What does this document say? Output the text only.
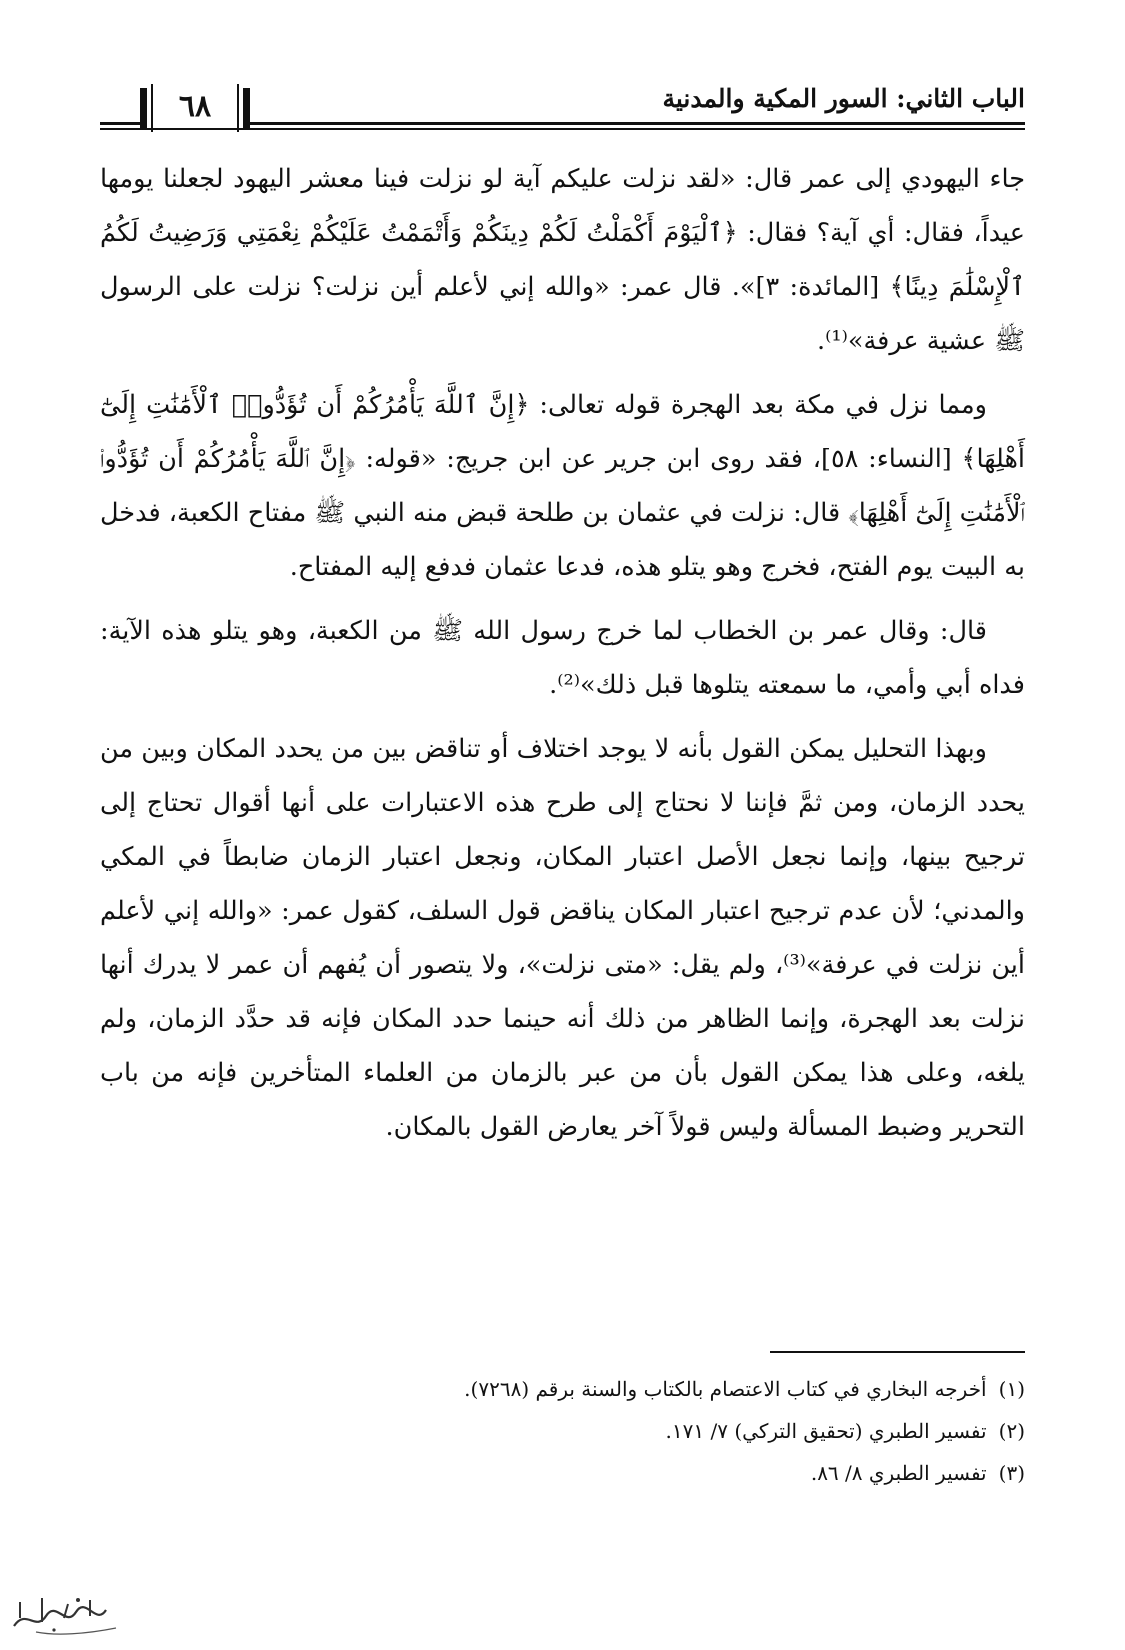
الباب الثاني: السور المكية والمدنية
٦٨

جاء اليهودي إلى عمر قال: «لقد نزلت عليكم آية لو نزلت فينا معشر اليهود لجعلنا يومها عيداً، فقال: أي آية؟ فقال: ﴿ٱلْيَوْمَ أَكْمَلْتُ لَكُمْ دِينَكُمْ وَأَتْمَمْتُ عَلَيْكُمْ نِعْمَتِي وَرَضِيتُ لَكُمُ ٱلْإِسْلَٰمَ دِينًا﴾ [المائدة: ٣]». قال عمر: «والله إني لأعلم أين نزلت؟ نزلت على الرسول ﷺ عشية عرفة»⁽¹⁾.

ومما نزل في مكة بعد الهجرة قوله تعالى: ﴿إِنَّ ٱللَّهَ يَأْمُرُكُمْ أَن تُؤَدُّوا۟ ٱلْأَمَٰنَٰتِ إِلَىٰٓ أَهْلِهَا﴾ [النساء: ٥٨]، فقد روى ابن جرير عن ابن جريج: «قوله: ﴿إِنَّ ٱللَّهَ يَأْمُرُكُمْ أَن تُؤَدُّوا۟ ٱلْأَمَٰنَٰتِ إِلَىٰٓ أَهْلِهَا﴾ قال: نزلت في عثمان بن طلحة قبض منه النبي ﷺ مفتاح الكعبة، فدخل به البيت يوم الفتح، فخرج وهو يتلو هذه، فدعا عثمان فدفع إليه المفتاح.

قال: وقال عمر بن الخطاب لما خرج رسول الله ﷺ من الكعبة، وهو يتلو هذه الآية: فداه أبي وأمي، ما سمعته يتلوها قبل ذلك»⁽²⁾.

وبهذا التحليل يمكن القول بأنه لا يوجد اختلاف أو تناقض بين من يحدد المكان وبين من يحدد الزمان، ومن ثمَّ فإننا لا نحتاج إلى طرح هذه الاعتبارات على أنها أقوال تحتاج إلى ترجيح بينها، وإنما نجعل الأصل اعتبار المكان، ونجعل اعتبار الزمان ضابطاً في المكي والمدني؛ لأن عدم ترجيح اعتبار المكان يناقض قول السلف، كقول عمر: «والله إني لأعلم أين نزلت في عرفة»⁽³⁾، ولم يقل: «متى نزلت»، ولا يتصور أن يُفهم أن عمر لا يدرك أنها نزلت بعد الهجرة، وإنما الظاهر من ذلك أنه حينما حدد المكان فإنه قد حدَّد الزمان، ولم يلغه، وعلى هذا يمكن القول بأن من عبر بالزمان من العلماء المتأخرين فإنه من باب التحرير وضبط المسألة وليس قولاً آخر يعارض القول بالمكان.

(١)أخرجه البخاري في كتاب الاعتصام بالكتاب والسنة برقم (٧٢٦٨).
(٢)تفسير الطبري (تحقيق التركي) ٧/ ١٧١.
(٣)تفسير الطبري ٨/ ٨٦.
